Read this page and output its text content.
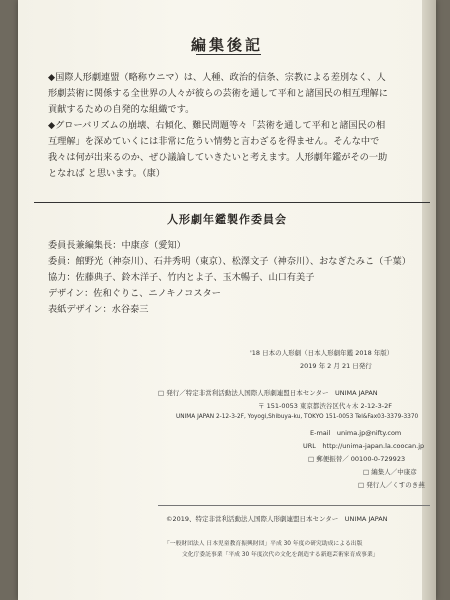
編集後記
◆国際人形劇連盟（略称ウニマ）は、人種、政治的信条、宗教による差別なく、人
形劇芸術に関係する全世界の人々が彼らの芸術を通して平和と諸国民の相互理解に
貢献するための自発的な組織です。
◆グローバリズムの崩壊、右傾化、難民問題等々「芸術を通して平和と諸国民の相
互理解」を深めていくには非常に危うい情勢と言わざるを得ません。そんな中で
我々は何が出来るのか、ぜひ議論していきたいと考えます。人形劇年鑑がその一助
となれば と思います。（康）
人形劇年鑑製作委員会
委員長兼編集長：中康彦（愛知）
委員：館野光（神奈川）、石井秀明（東京）、松澤文子（神奈川）、おなぎたみこ（千葉）
協力：佐藤典子、鈴木洋子、竹内とよ子、玉木暢子、山口有美子
デザイン：佐和ぐりこ、ニノキノコスター
表紙デザイン：水谷泰三
'18 日本の人形劇（日本人形劇年鑑 2018 年版）
2019 年 2 月 21 日発行
□ 発行／特定非営利活動法人国際人形劇連盟日本センター　UNIMA JAPAN
〒 151-0053 東京都渋谷区代々木 2-12-3-2F
UNIMA JAPAN 2-12-3-2F, Yoyogi,Shibuya-ku, TOKYO 151-0053 Tel&Fax03-3379-3370
E-mail　unima.jp@nifty.com
URL　http://unima-japan.la.coocan.jp
□ 郵便振替／ 00100-0-729923
□ 編集人／中康彦
□ 発行人／くすのき燕
©2019、特定非営利活動法人国際人形劇連盟日本センター　UNIMA JAPAN
「一般財団法人 日本児童教育振興財団」平成 30 年度の研究助成による出版
文化庁委託事業「平成 30 年度次代の文化を創造する新進芸術家育成事業」
